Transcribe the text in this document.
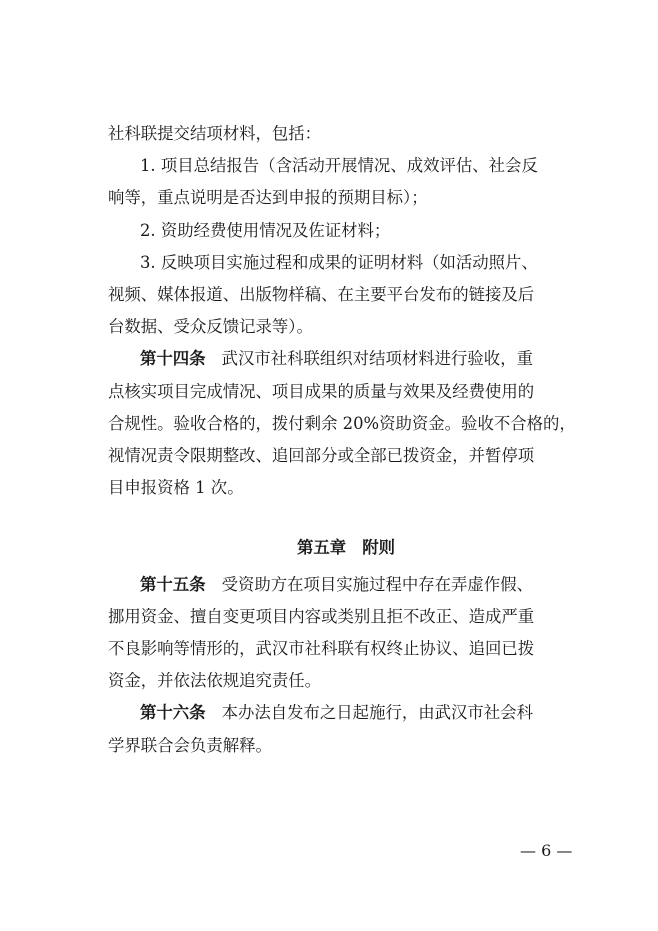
社科联提交结项材料，包括：
1. 项目总结报告（含活动开展情况、成效评估、社会反
响等，重点说明是否达到申报的预期目标）；
2. 资助经费使用情况及佐证材料；
3. 反映项目实施过程和成果的证明材料（如活动照片、
视频、媒体报道、出版物样稿、在主要平台发布的链接及后
台数据、受众反馈记录等）。
第十四条 武汉市社科联组织对结项材料进行验收，重
点核实项目完成情况、项目成果的质量与效果及经费使用的
合规性。验收合格的，拨付剩余 20%资助资金。验收不合格的，
视情况责令限期整改、追回部分或全部已拨资金，并暂停项
目申报资格 1 次。
第五章 附则
第十五条 受资助方在项目实施过程中存在弄虚作假、
挪用资金、擅自变更项目内容或类别且拒不改正、造成严重
不良影响等情形的，武汉市社科联有权终止协议、追回已拨
资金，并依法依规追究责任。
第十六条 本办法自发布之日起施行，由武汉市社会科
学界联合会负责解释。
— 6 —
